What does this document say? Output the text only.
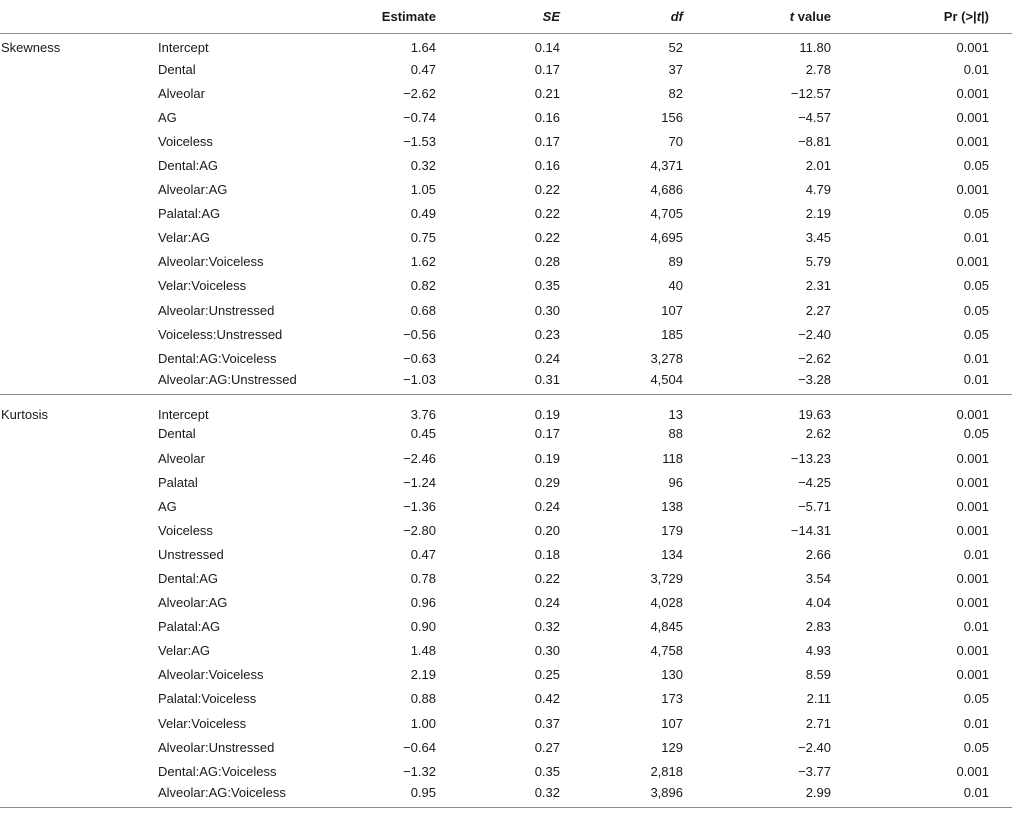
		Estimate	SE	df	t value	Pr (>|t|)
Skewness	Intercept	1.64	0.14	52	11.80	0.001
	Dental	0.47	0.17	37	2.78	0.01
	Alveolar	−2.62	0.21	82	−12.57	0.001
	AG	−0.74	0.16	156	−4.57	0.001
	Voiceless	−1.53	0.17	70	−8.81	0.001
	Dental:AG	0.32	0.16	4,371	2.01	0.05
	Alveolar:AG	1.05	0.22	4,686	4.79	0.001
	Palatal:AG	0.49	0.22	4,705	2.19	0.05
	Velar:AG	0.75	0.22	4,695	3.45	0.01
	Alveolar:Voiceless	1.62	0.28	89	5.79	0.001
	Velar:Voiceless	0.82	0.35	40	2.31	0.05
	Alveolar:Unstressed	0.68	0.30	107	2.27	0.05
	Voiceless:Unstressed	−0.56	0.23	185	−2.40	0.05
	Dental:AG:Voiceless	−0.63	0.24	3,278	−2.62	0.01
	Alveolar:AG:Unstressed	−1.03	0.31	4,504	−3.28	0.01
Kurtosis	Intercept	3.76	0.19	13	19.63	0.001
	Dental	0.45	0.17	88	2.62	0.05
	Alveolar	−2.46	0.19	118	−13.23	0.001
	Palatal	−1.24	0.29	96	−4.25	0.001
	AG	−1.36	0.24	138	−5.71	0.001
	Voiceless	−2.80	0.20	179	−14.31	0.001
	Unstressed	0.47	0.18	134	2.66	0.01
	Dental:AG	0.78	0.22	3,729	3.54	0.001
	Alveolar:AG	0.96	0.24	4,028	4.04	0.001
	Palatal:AG	0.90	0.32	4,845	2.83	0.01
	Velar:AG	1.48	0.30	4,758	4.93	0.001
	Alveolar:Voiceless	2.19	0.25	130	8.59	0.001
	Palatal:Voiceless	0.88	0.42	173	2.11	0.05
	Velar:Voiceless	1.00	0.37	107	2.71	0.01
	Alveolar:Unstressed	−0.64	0.27	129	−2.40	0.05
	Dental:AG:Voiceless	−1.32	0.35	2,818	−3.77	0.001
	Alveolar:AG:Voiceless	0.95	0.32	3,896	2.99	0.01
